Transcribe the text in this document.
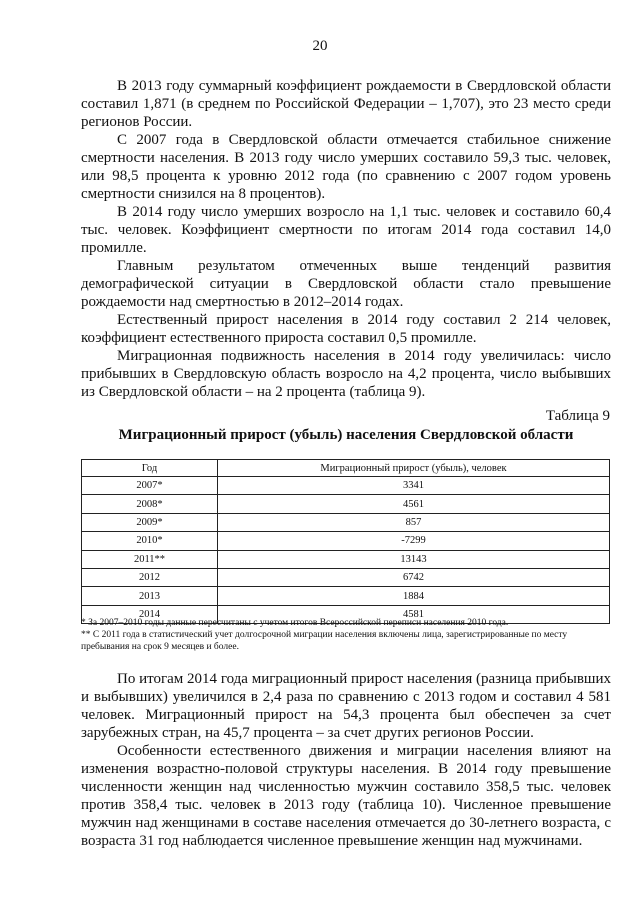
20

В 2013 году суммарный коэффициент рождаемости в Свердловской области составил 1,871 (в среднем по Российской Федерации – 1,707), это 23 место среди регионов России.

С 2007 года в Свердловской области отмечается стабильное снижение смертности населения. В 2013 году число умерших составило 59,3 тыс. человек, или 98,5 процента к уровню 2012 года (по сравнению с 2007 годом уровень смертности снизился на 8 процентов).

В 2014 году число умерших возросло на 1,1 тыс. человек и составило 60,4 тыс. человек. Коэффициент смертности по итогам 2014 года составил 14,0 промилле.

Главным результатом отмеченных выше тенденций развития демографической ситуации в Свердловской области стало превышение рождаемости над смертностью в 2012–2014 годах.

Естественный прирост населения в 2014 году составил 2 214 человек, коэффициент естественного прироста составил 0,5 промилле.

Миграционная подвижность населения в 2014 году увеличилась: число прибывших в Свердловскую область возросло на 4,2 процента, число выбывших из Свердловской области – на 2 процента (таблица 9).

Таблица 9
Миграционный прирост (убыль) населения Свердловской области
Год	Миграционный прирост (убыль), человек
2007*	3341
2008*	4561
2009*	857
2010*	-7299
2011**	13143
2012	6742
2013	1884
2014	4581

* За 2007–2010 годы данные пересчитаны с учетом итогов Всероссийской переписи населения 2010 года.

** С 2011 года в статистический учет долгосрочной миграции населения включены лица, зарегистрированные по месту пребывания на срок 9 месяцев и более.

По итогам 2014 года миграционный прирост населения (разница прибывших и выбывших) увеличился в 2,4 раза по сравнению с 2013 годом и составил 4 581 человек. Миграционный прирост на 54,3 процента был обеспечен за счет зарубежных стран, на 45,7 процента – за счет других регионов России.

Особенности естественного движения и миграции населения влияют на изменения возрастно-половой структуры населения. В 2014 году превышение численности женщин над численностью мужчин составило 358,5 тыс. человек против 358,4 тыс. человек в 2013 году (таблица 10). Численное превышение мужчин над женщинами в составе населения отмечается до 30-летнего возраста, с возраста 31 год наблюдается численное превышение женщин над мужчинами.
